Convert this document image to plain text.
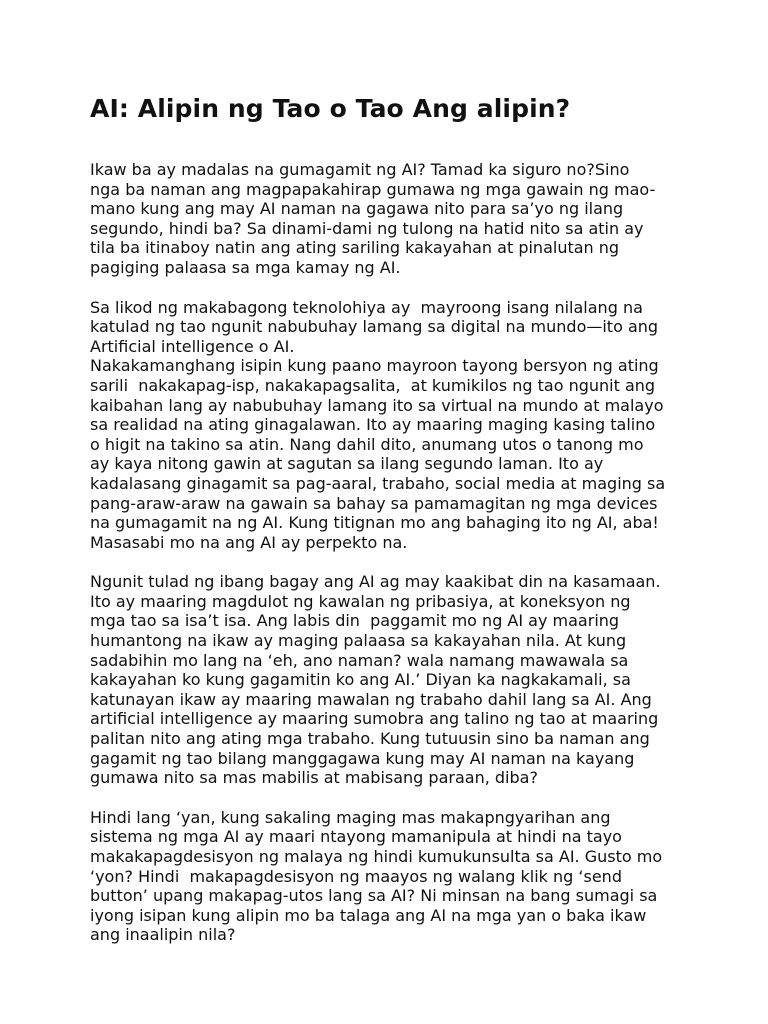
AI: Alipin ng Tao o Tao Ang alipin?

Ikaw ba ay madalas na gumagamit ng AI? Tamad ka siguro no?Sino
nga ba naman ang magpapakahirap gumawa ng mga gawain ng mao-
mano kung ang may AI naman na gagawa nito para sa’yo ng ilang
segundo, hindi ba? Sa dinami-dami ng tulong na hatid nito sa atin ay
tila ba itinaboy natin ang ating sariling kakayahan at pinalutan ng
pagiging palaasa sa mga kamay ng AI.

Sa likod ng makabagong teknolohiya ay  mayroong isang nilalang na
katulad ng tao ngunit nabubuhay lamang sa digital na mundo—ito ang
Artificial intelligence o AI.

Nakakamanghang isipin kung paano mayroon tayong bersyon ng ating
sarili  nakakapag-isp, nakakapagsalita,  at kumikilos ng tao ngunit ang
kaibahan lang ay nabubuhay lamang ito sa virtual na mundo at malayo
sa realidad na ating ginagalawan. Ito ay maaring maging kasing talino
o higit na takino sa atin. Nang dahil dito, anumang utos o tanong mo
ay kaya nitong gawin at sagutan sa ilang segundo laman. Ito ay
kadalasang ginagamit sa pag-aaral, trabaho, social media at maging sa
pang-araw-araw na gawain sa bahay sa pamamagitan ng mga devices
na gumagamit na ng AI. Kung titignan mo ang bahaging ito ng AI, aba!
Masasabi mo na ang AI ay perpekto na.

Ngunit tulad ng ibang bagay ang AI ag may kaakibat din na kasamaan.
Ito ay maaring magdulot ng kawalan ng pribasiya, at koneksyon ng
mga tao sa isa’t isa. Ang labis din  paggamit mo ng AI ay maaring
humantong na ikaw ay maging palaasa sa kakayahan nila. At kung
sadabihin mo lang na ‘eh, ano naman? wala namang mawawala sa
kakayahan ko kung gagamitin ko ang AI.’ Diyan ka nagkakamali, sa
katunayan ikaw ay maaring mawalan ng trabaho dahil lang sa AI. Ang
artificial intelligence ay maaring sumobra ang talino ng tao at maaring
palitan nito ang ating mga trabaho. Kung tutuusin sino ba naman ang
gagamit ng tao bilang manggagawa kung may AI naman na kayang
gumawa nito sa mas mabilis at mabisang paraan, diba?

Hindi lang ‘yan, kung sakaling maging mas makapngyarihan ang
sistema ng mga AI ay maari ntayong mamanipula at hindi na tayo
makakapagdesisyon ng malaya ng hindi kumukunsulta sa AI. Gusto mo
‘yon? Hindi  makapagdesisyon ng maayos ng walang klik ng ‘send
button’ upang makapag-utos lang sa AI? Ni minsan na bang sumagi sa
iyong isipan kung alipin mo ba talaga ang AI na mga yan o baka ikaw
ang inaalipin nila?
